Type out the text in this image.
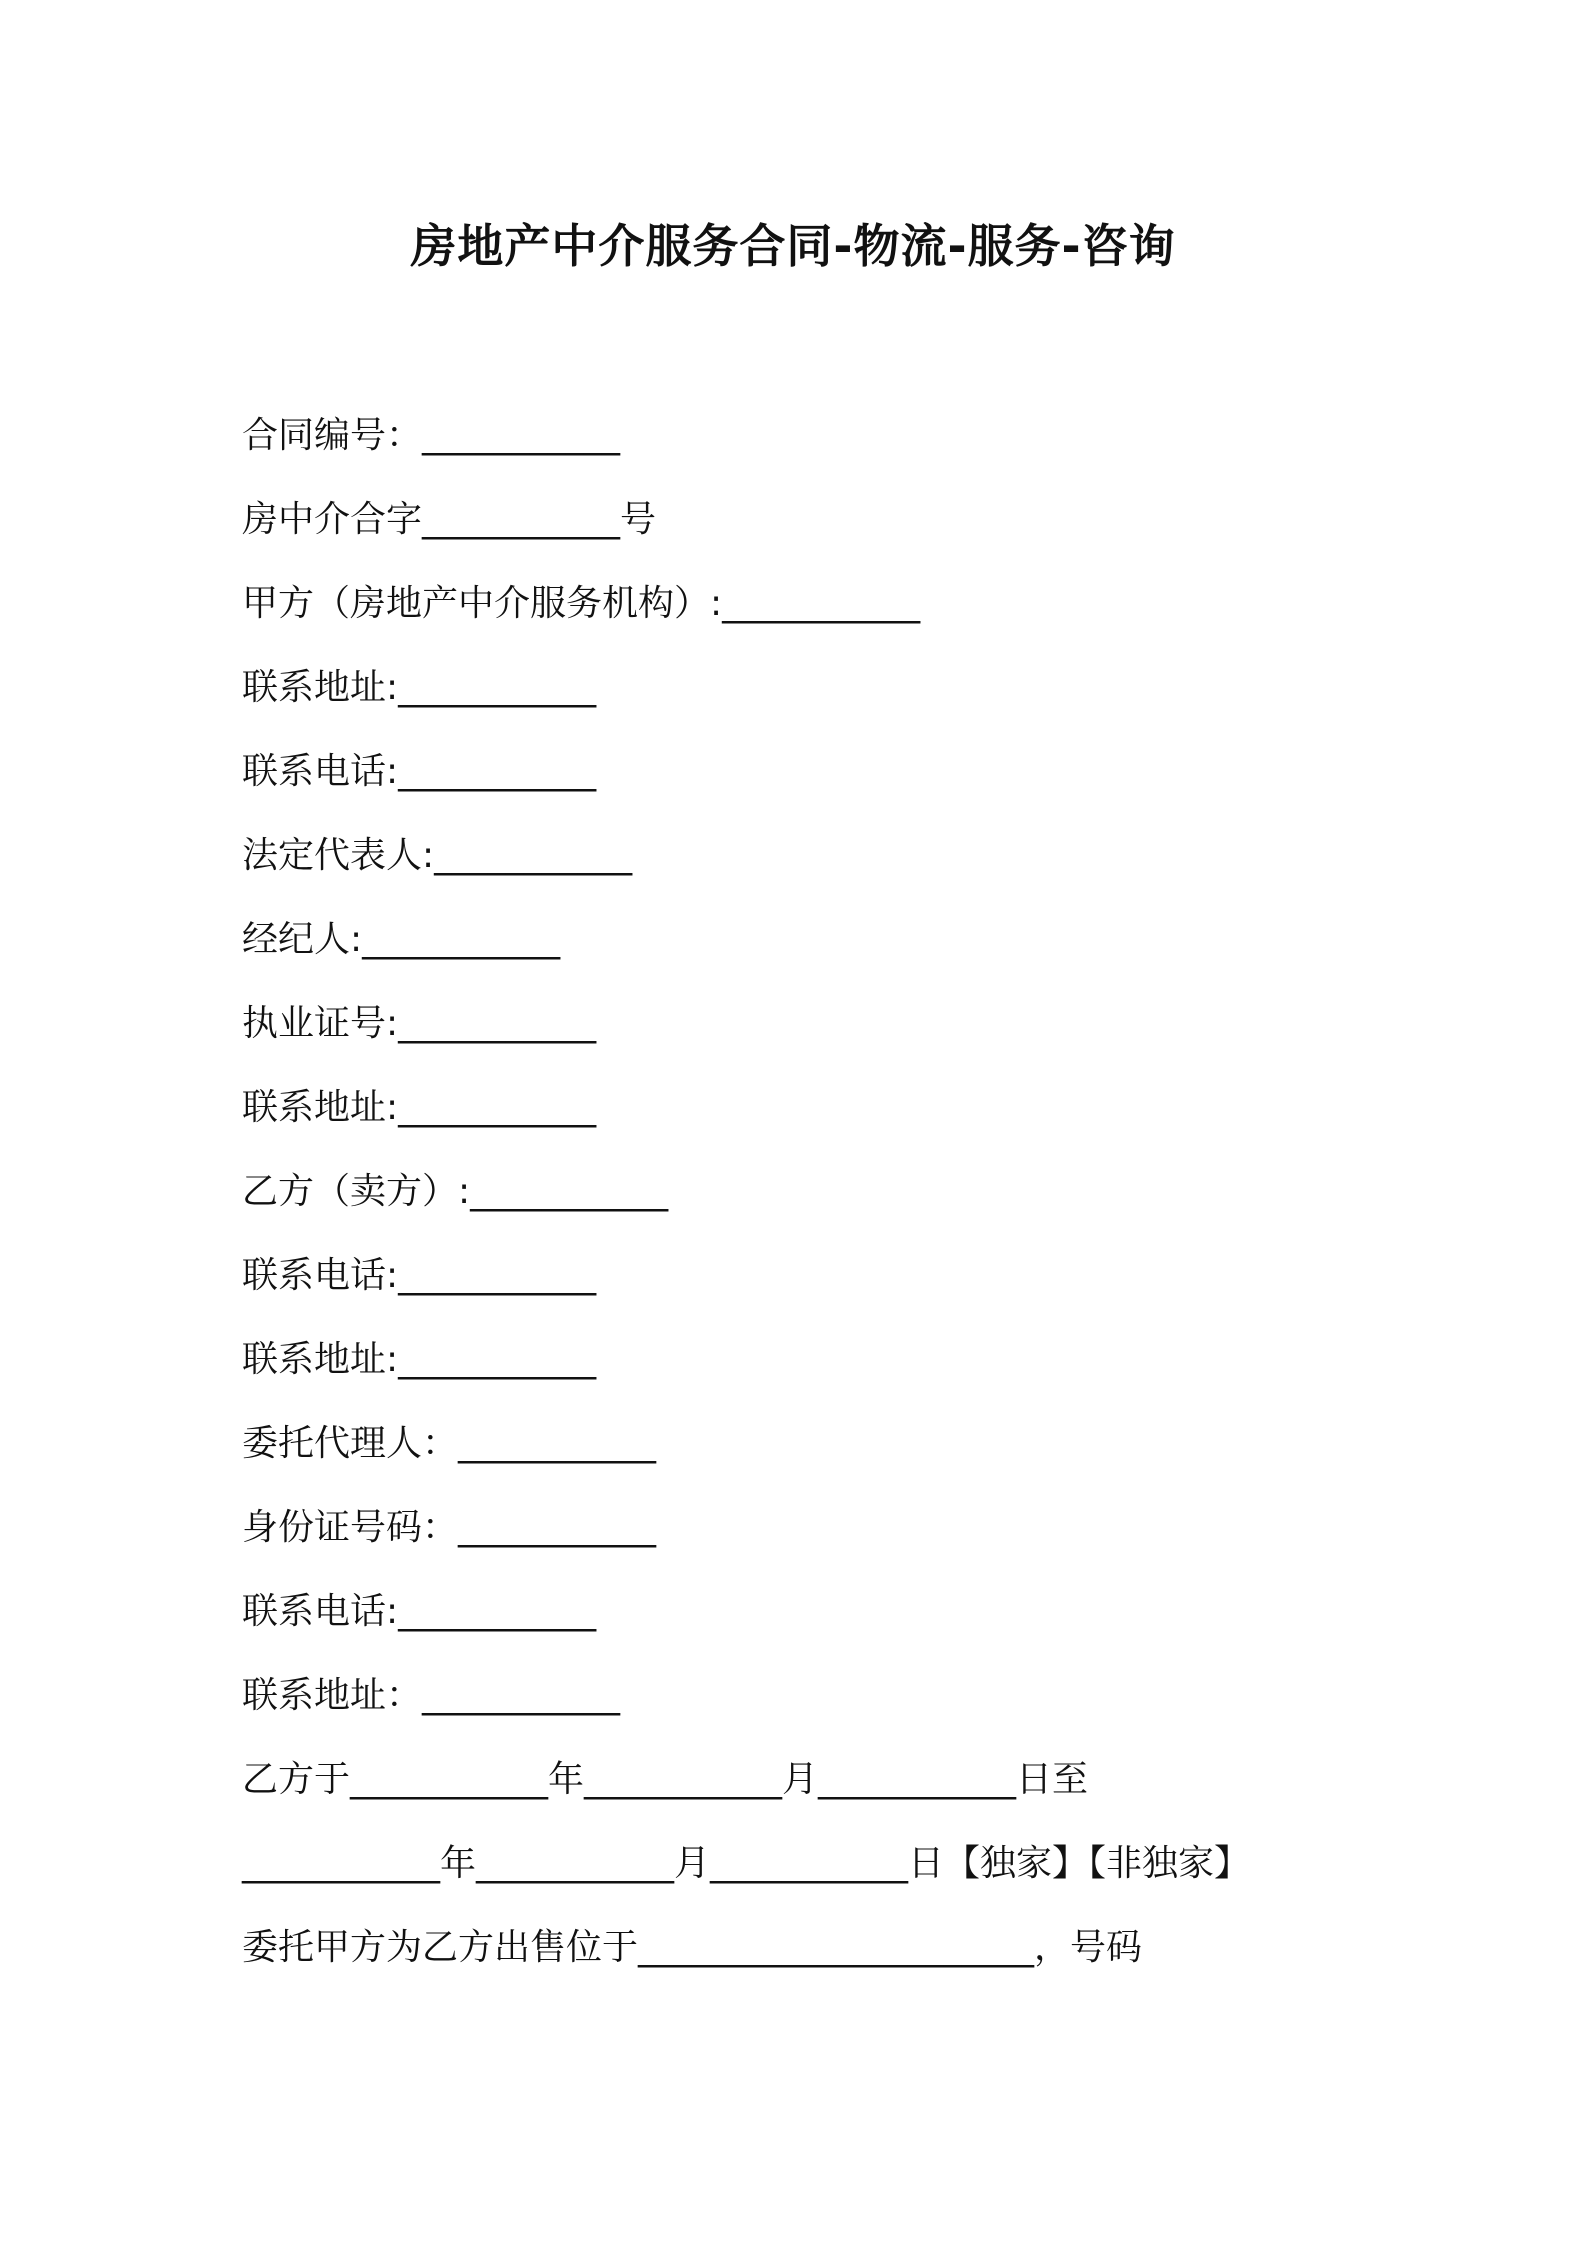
房地产中介服务合同-物流-服务-咨询
合同编号：___________
房中介合字___________号
甲方（房地产中介服务机构）:___________
联系地址:___________
联系电话:___________
法定代表人:___________
经纪人:___________
执业证号:___________
联系地址:___________
乙方（卖方）:___________
联系电话:___________
联系地址:___________
委托代理人：___________
身份证号码：___________
联系电话:___________
联系地址：___________
乙方于___________年___________月___________日至
___________年___________月___________日【独家】【非独家】
委托甲方为乙方出售位于______________________，号码
